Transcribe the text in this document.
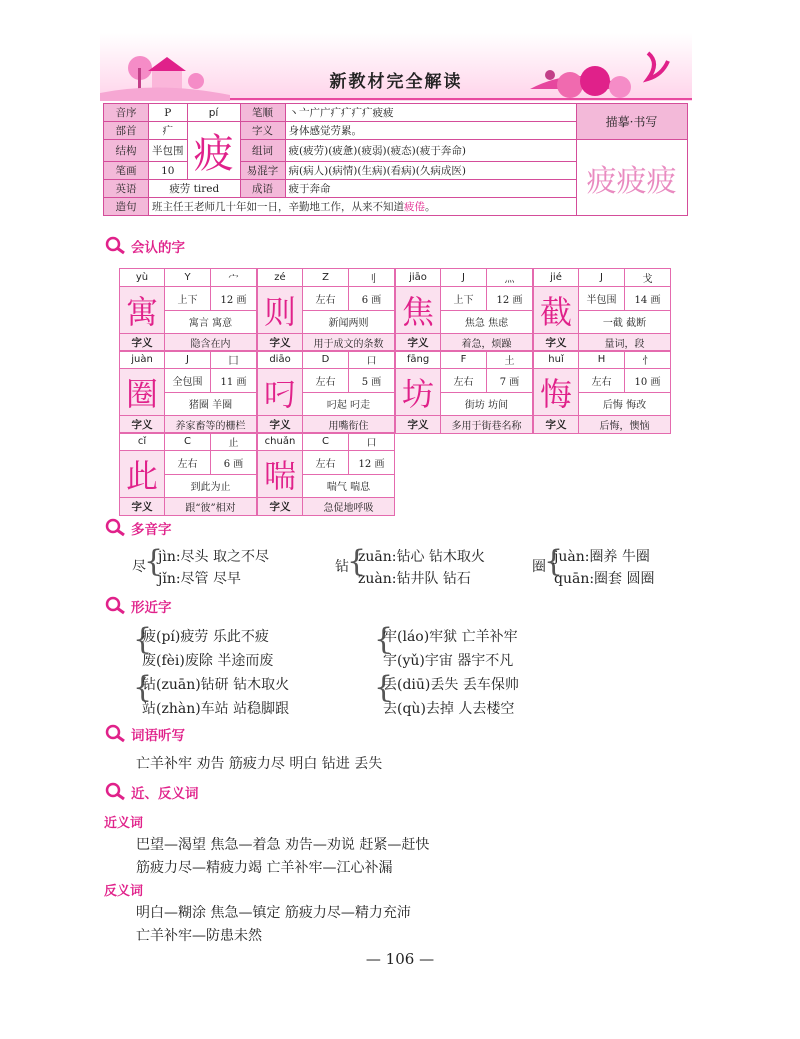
新教材完全解读
音序	P	pí	笔顺	丶亠广广疒疒疒疒疲疲	描摹·书写
部首	疒	疲	字义	身体感觉劳累。	
结构	半包围		组词	疲(疲劳)(疲惫)(疲弱)(疲态)(疲于奔命)	疲疲疲
笔画	10		易混字	病(病人)(病情)(生病)(看病)(久病成医)	
英语	疲劳 tired		成语	疲于奔命	
造句	班主任王老师几十年如一日，辛勤地工作，从来不知道疲倦。				
会认的字
yù	Y	宀
寓	上下	12 画
	寓言 寓意	
字义	隐含在内	
zé	Z	刂
则	左右	6 画
	新闻两则	
字义	用于成文的条数	
jiāo	J	灬
焦	上下	12 画
	焦急 焦虑	
字义	着急，烦躁	
jié	J	戈
截	半包围	14 画
	一截 截断	
字义	量词，段	
juàn	J	囗
圈	全包围	11 画
	猪圈 羊圈	
字义	养家畜等的栅栏	
diāo	D	口
叼	左右	5 画
	叼起 叼走	
字义	用嘴衔住	
fāng	F	土
坊	左右	7 画
	街坊 坊间	
字义	多用于街巷名称	
huǐ	H	忄
悔	左右	10 画
	后悔 悔改	
字义	后悔，懊恼	
cǐ	C	止
此	左右	6 画
	到此为止	
字义	跟“彼”相对	
chuǎn	C	口
喘	左右	12 画
	喘气 喘息	
字义	急促地呼吸	
多音字
尽
{
jìn:尽头 取之不尽
jǐn:尽管 尽早
钻
{
zuān:钻心 钻木取火
zuàn:钻井队 钻石
圈
{
juàn:圈养 牛圈
quān:圈套 圆圈
形近字
{
疲(pí)疲劳 乐此不疲
废(fèi)废除 半途而废
{
钻(zuān)钻研 钻木取火
站(zhàn)车站 站稳脚跟
{
牢(láo)牢狱 亡羊补牢
宇(yǔ)宇宙 器宇不凡
{
丢(diū)丢失 丢车保帅
去(qù)去掉 人去楼空
词语听写
亡羊补牢 劝告 筋疲力尽 明白 钻进 丢失
近、反义词
近义词
巴望—渴望 焦急—着急 劝告—劝说 赶紧—赶快
筋疲力尽—精疲力竭 亡羊补牢—江心补漏
反义词
明白—糊涂 焦急—镇定 筋疲力尽—精力充沛
亡羊补牢—防患未然
— 106 —
